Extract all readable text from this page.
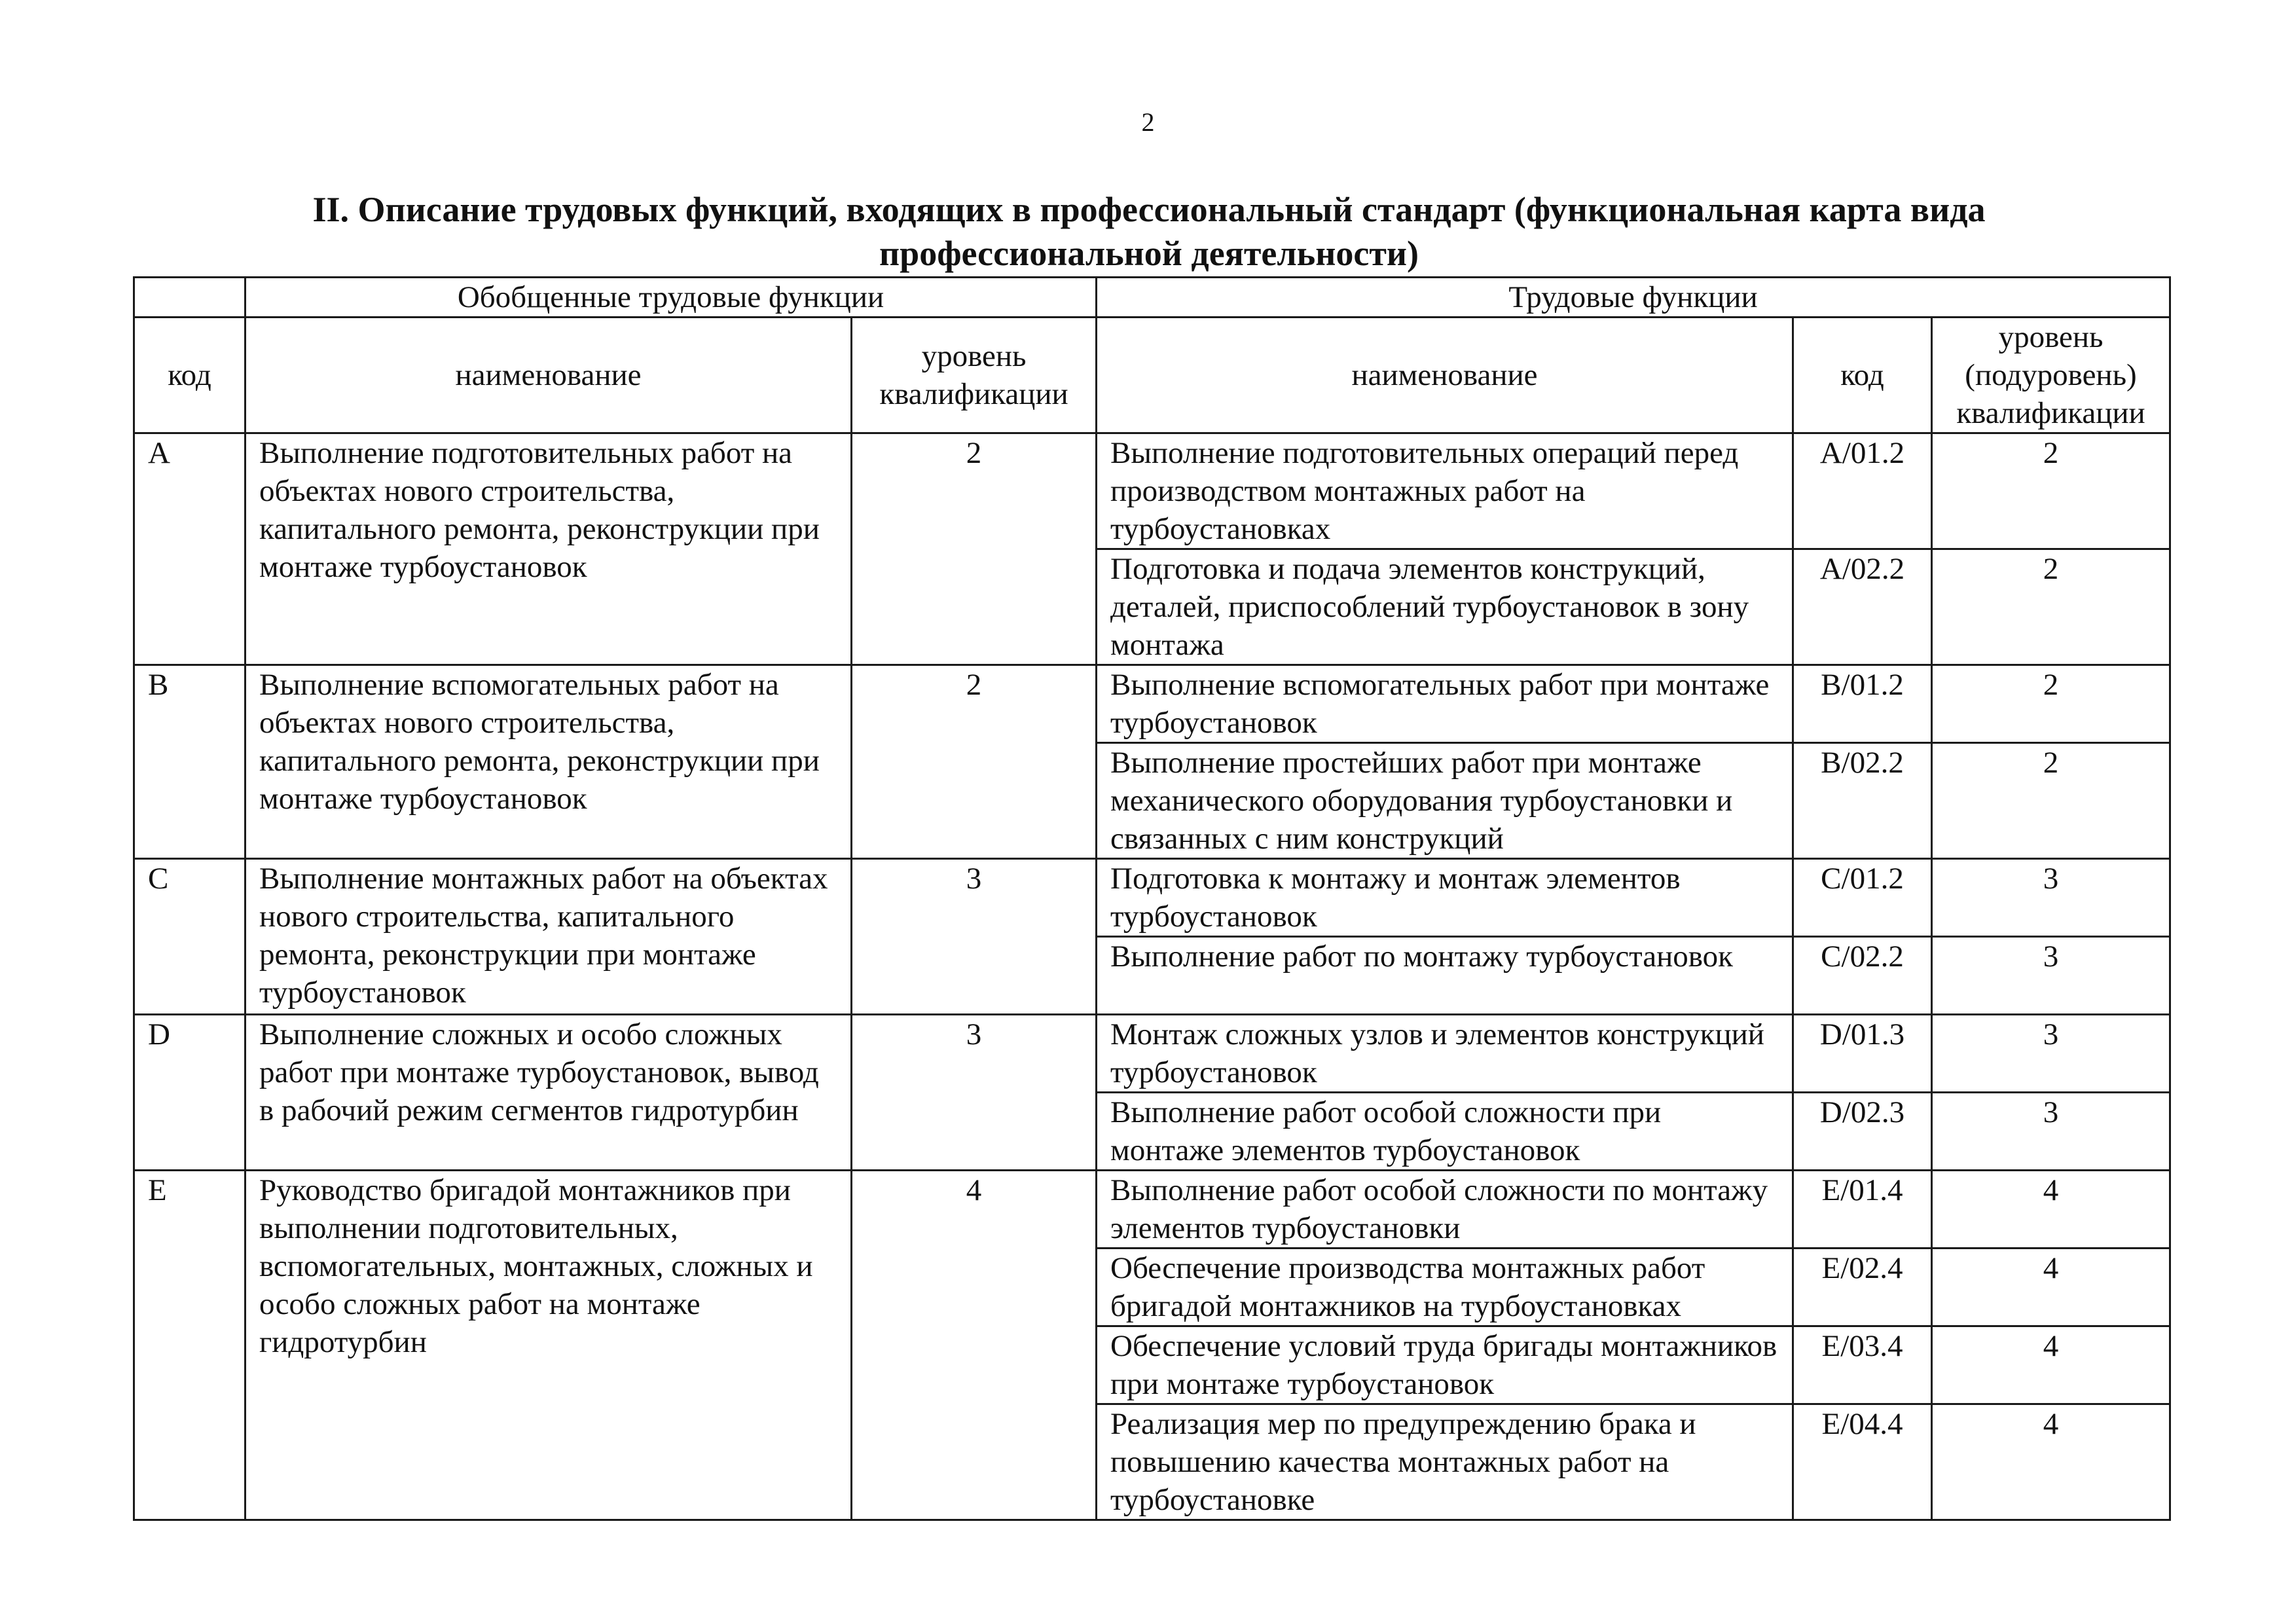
2
II. Описание трудовых функций, входящих в профессиональный стандарт (функциональная карта вида
профессиональной деятельности)
	Обобщенные трудовые функции		Трудовые функции		
код	наименование	уровень квалификации	наименование	код	уровень (подуровень) квалификации
A	Выполнение подготовительных работ на объектах нового строительства, капитального ремонта, реконструкции при монтаже турбоустановок	2	Выполнение подготовительных операций перед производством монтажных работ на турбоустановках	A/01.2	2
			Подготовка и подача элементов конструкций, деталей, приспособлений турбоустановок в зону монтажа	A/02.2	2
B	Выполнение вспомогательных работ на объектах нового строительства, капитального ремонта, реконструкции при монтаже турбоустановок	2	Выполнение вспомогательных работ при монтаже турбоустановок	B/01.2	2
			Выполнение простейших работ при монтаже механического оборудования турбоустановки и связанных с ним конструкций	B/02.2	2
C	Выполнение монтажных работ на объектах нового строительства, капитального ремонта, реконструкции при монтаже турбоустановок	3	Подготовка к монтажу и монтаж элементов турбоустановок	C/01.2	3
			Выполнение работ по монтажу турбоустановок	C/02.2	3
D	Выполнение сложных и особо сложных работ при монтаже турбоустановок, вывод в рабочий режим сегментов гидротурбин	3	Монтаж сложных узлов и элементов конструкций турбоустановок	D/01.3	3
			Выполнение работ особой сложности при монтаже элементов турбоустановок	D/02.3	3
E	Руководство бригадой монтажников при выполнении подготовительных, вспомогательных, монтажных, сложных и особо сложных работ на монтаже гидротурбин	4	Выполнение работ особой сложности по монтажу элементов турбоустановки	E/01.4	4
			Обеспечение производства монтажных работ бригадой монтажников на турбоустановках	E/02.4	4
			Обеспечение условий труда бригады монтажников при монтаже турбоустановок	E/03.4	4
			Реализация мер по предупреждению брака и повышению качества монтажных работ на турбоустановке	E/04.4	4
